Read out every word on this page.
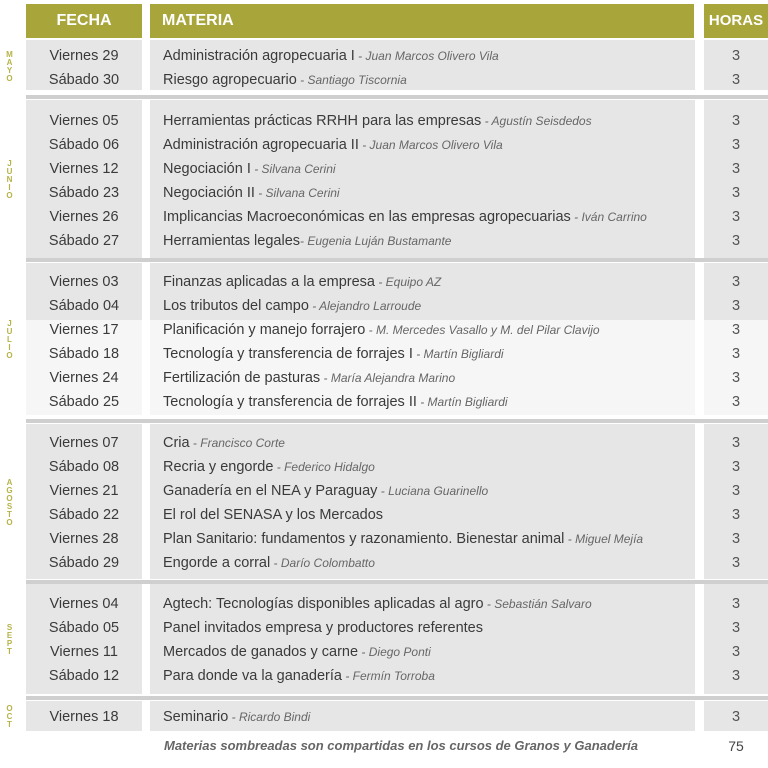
FECHA	MATERIA	HORAS
MAYO
JUNIO
JULIO
AGOSTO
SEPT
OCT
Viernes 29	Administración agropecuaria I - Juan Marcos Olivero Vila	3
Sábado 30	Riesgo agropecuario - Santiago Tiscornia	3
Viernes 05	Herramientas prácticas RRHH para las empresas - Agustín Seisdedos	3
Sábado 06	Administración agropecuaria II - Juan Marcos Olivero Vila	3
Viernes 12	Negociación I - Silvana Cerini	3
Sábado 23	Negociación II - Silvana Cerini	3
Viernes 26	Implicancias Macroeconómicas en las empresas agropecuarias - Iván Carrino	3
Sábado 27	Herramientas legales- Eugenia Luján Bustamante	3
Viernes 03	Finanzas aplicadas a la empresa - Equipo AZ	3
Sábado 04	Los tributos del campo - Alejandro Larroude	3
Viernes 17	Planificación y manejo forrajero - M. Mercedes Vasallo y M. del Pilar Clavijo	3
Sábado 18	Tecnología y transferencia de forrajes I - Martín Bigliardi	3
Viernes 24	Fertilización de pasturas - María Alejandra Marino	3
Sábado 25	Tecnología y transferencia de forrajes II - Martín Bigliardi	3
Viernes 07	Cria - Francisco Corte	3
Sábado 08	Recria y engorde - Federico Hidalgo	3
Viernes 21	Ganadería en el NEA y Paraguay - Luciana Guarinello	3
Sábado 22	El rol del SENASA y los Mercados	3
Viernes 28	Plan Sanitario: fundamentos y razonamiento. Bienestar animal - Miguel Mejía	3
Sábado 29	Engorde a corral - Darío Colombatto	3
Viernes 04	Agtech: Tecnologías disponibles aplicadas al agro - Sebastián Salvaro	3
Sábado 05	Panel invitados empresa y productores referentes	3
Viernes 11	Mercados de ganados y carne - Diego Ponti	3
Sábado 12	Para donde va la ganadería - Fermín Torroba	3
Viernes 18	Seminario - Ricardo Bindi	3
Materias sombreadas son compartidas en los cursos de Granos y Ganadería	75
